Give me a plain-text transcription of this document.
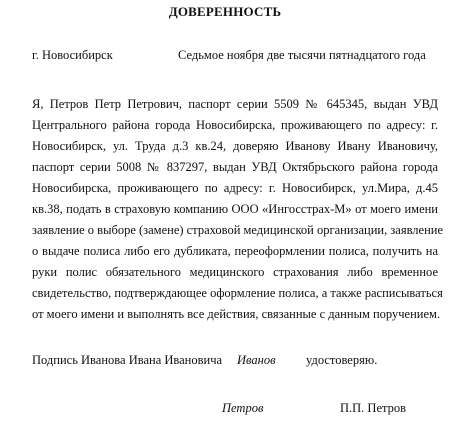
ДОВЕРЕННОСТЬ
г. Новосибирск	Седьмое ноября две тысячи пятнадцатого года
Я, Петров Петр Петрович, паспорт серии 5509 № 645345, выдан УВД
Центрального района города Новосибирска, проживающего по адресу: г.
Новосибирск, ул. Труда д.3 кв.24, доверяю Иванову Ивану Ивановичу,
паспорт серии 5008 № 837297, выдан УВД Октябрьского района города
Новосибирска, проживающего по адресу: г. Новосибирск, ул.Мира, д.45
кв.38, подать в страховую компанию ООО «Ингосстрах-М» от моего имени
заявление о выборе (замене) страховой медицинской организации, заявление
о выдаче полиса либо его дубликата, переоформлении полиса, получить на
руки полис обязательного медицинского страхования либо временное
свидетельство, подтверждающее оформление полиса, а также расписываться
от моего имени и выполнять все действия, связанные с данным поручением.
Подпись Иванова Ивана Ивановича Иванов удостоверяю.
Петров	П.П. Петров
